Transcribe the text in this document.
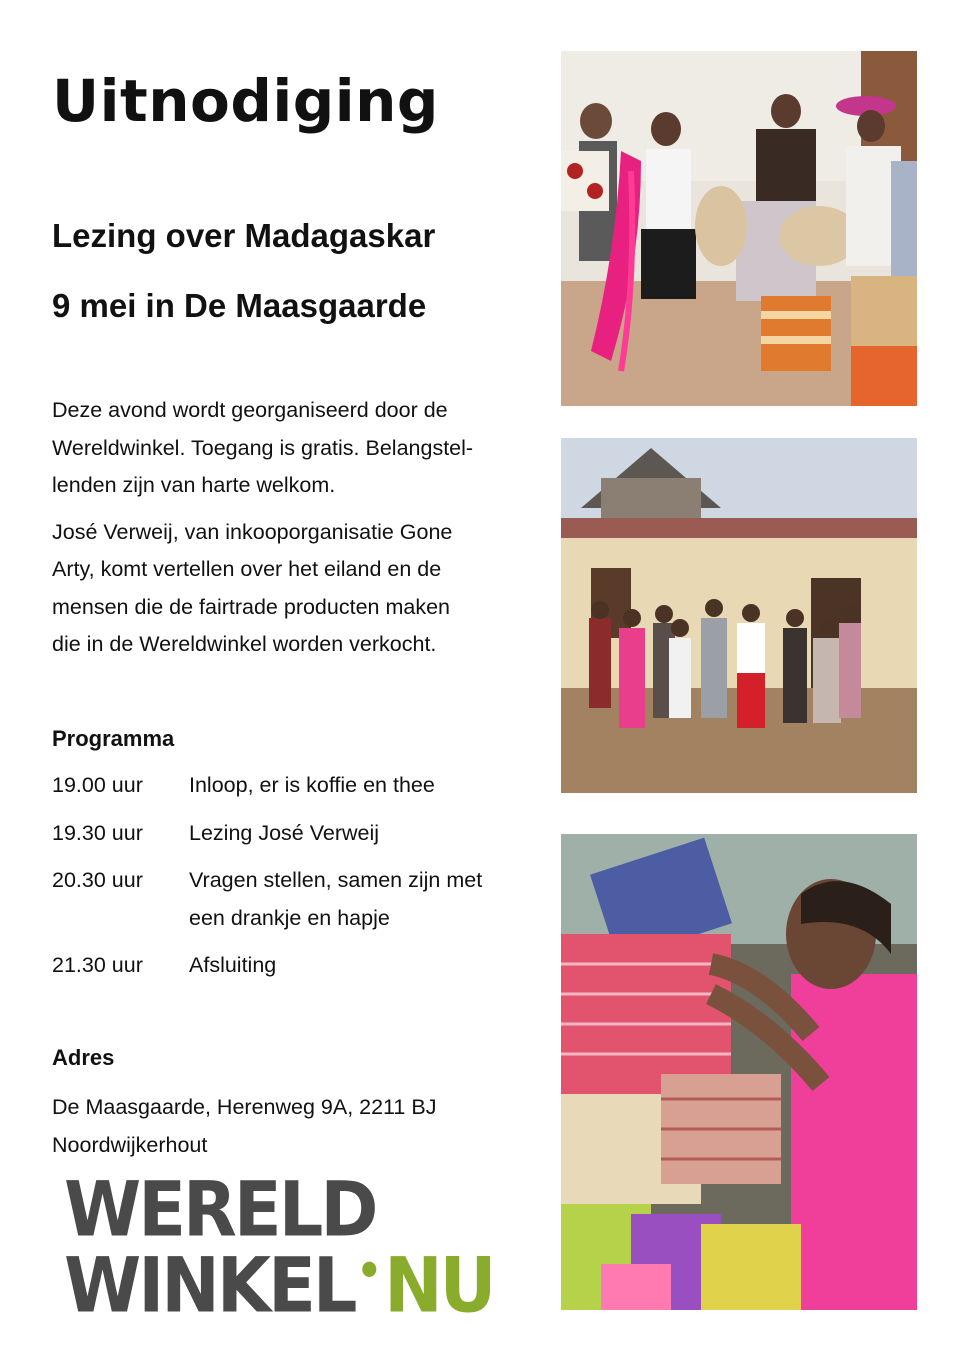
Uitnodiging
Lezing over Madagaskar
9 mei in De Maasgaarde

Deze avond wordt georganiseerd door de
Wereldwinkel. Toegang is gratis. Belangstel-
lenden zijn van harte welkom.

José Verweij, van inkooporganisatie Gone
Arty, komt vertellen over het eiland en de
mensen die de fairtrade producten maken
die in de Wereldwinkel worden verkocht.

Programma
19.00 uur	Inloop, er is koffie en thee
19.30 uur	Lezing José Verweij
20.30 uur	Vragen stellen, samen zijn met
een drankje en hapje
21.30 uur	Afsluiting
Adres
De Maasgaarde, Herenweg 9A, 2211 BJ
Noordwijkerhout
WERELD
WINKEL•NU
